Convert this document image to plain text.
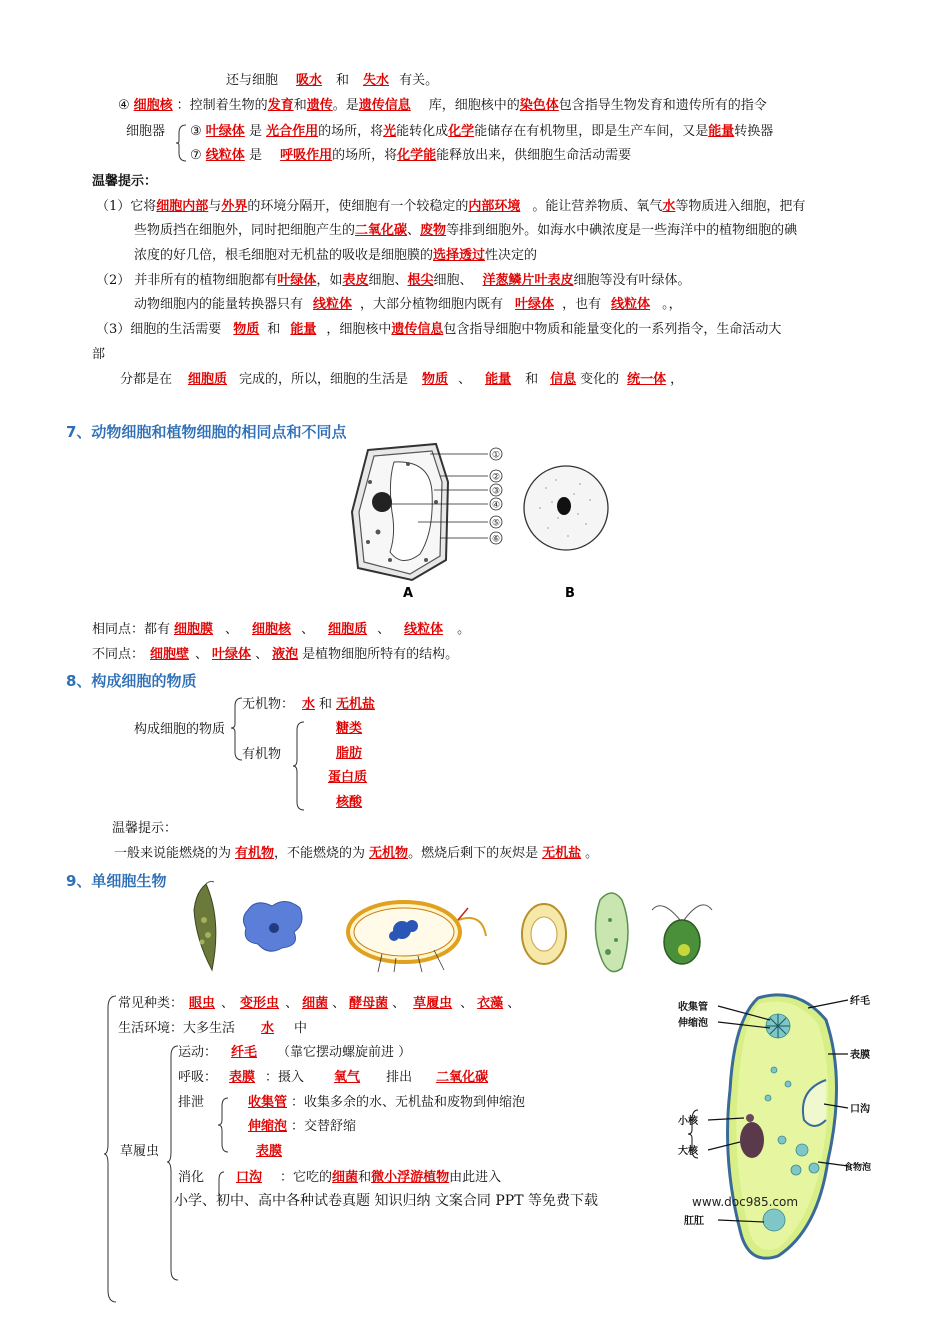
还与细胞 吸水 和 失水 有关。
④ 细胞核 ：控制着生物的发育和遗传。是遗传信息 库，细胞核中的染色体包含指导生物发育和遗传所有的指令
细胞器 ③ 叶绿体 是 光合作用的场所，将光能转化成化学能储存在有机物里，即是生产车间，又是能量转换器
⑦ 线粒体 是 呼吸作用的场所，将化学能能释放出来，供细胞生命活动需要
温馨提示：
（1）它将细胞内部与外界的环境分隔开，使细胞有一个较稳定的内部环境 。能让营养物质、氧气水等物质进入细胞，把有
些物质挡在细胞外，同时把细胞产生的二氧化碳、废物等排到细胞外。如海水中碘浓度是一些海洋中的植物细胞的碘
浓度的好几倍，根毛细胞对无机盐的吸收是细胞膜的选择透过性决定的
（2） 并非所有的植物细胞都有叶绿体，如表皮细胞、根尖细胞、 洋葱鳞片叶表皮细胞等没有叶绿体。
动物细胞内的能量转换器只有 线粒体 ，大部分植物细胞内既有 叶绿体 ，也有 线粒体 。，
（3）细胞的生活需要 物质 和 能量 ，细胞核中遗传信息包含指导细胞中物质和能量变化的一系列指令，生命活动大
部
分都是在 细胞质 完成的，所以，细胞的生活是 物质 、 能量 和 信息 变化的 统一体 ，
7、动物细胞和植物细胞的相同点和不同点
①
②
③
④
⑤
⑥
A	B
相同点：都有 细胞膜 、 细胞核 、 细胞质 、 线粒体 。
不同点： 细胞壁 、 叶绿体 、 液泡 是植物细胞所特有的结构。
8、构成细胞的物质
构成细胞的物质
无机物： 水 和 无机盐
有机物
糖类
脂肪
蛋白质
核酸
温馨提示：
一般来说能燃烧的为 有机物，不能燃烧的为 无机物。燃烧后剩下的灰烬是 无机盐 。
9、单细胞生物
常见种类： 眼虫 、 变形虫 、 细菌 、 酵母菌 、 草履虫 、 衣藻 、
生活环境：大多生活 水 中
草履虫
运动： 纤毛 （靠它摆动螺旋前进 ）
呼吸： 表膜 ：摄入 氧气 排出 二氧化碳
排泄	收集管 ：收集多余的水、无机盐和废物到伸缩泡
伸缩泡 ：交替舒缩
表膜
消化 口沟 ：它吃的细菌和微小浮游植物由此进入
小学、初中、高中各种试卷真题 知识归纳 文案合同 PPT 等免费下载
收集管
伸缩泡
小核
大核
肛肛
纤毛
表膜
口沟
食物泡
www.doc985.com
